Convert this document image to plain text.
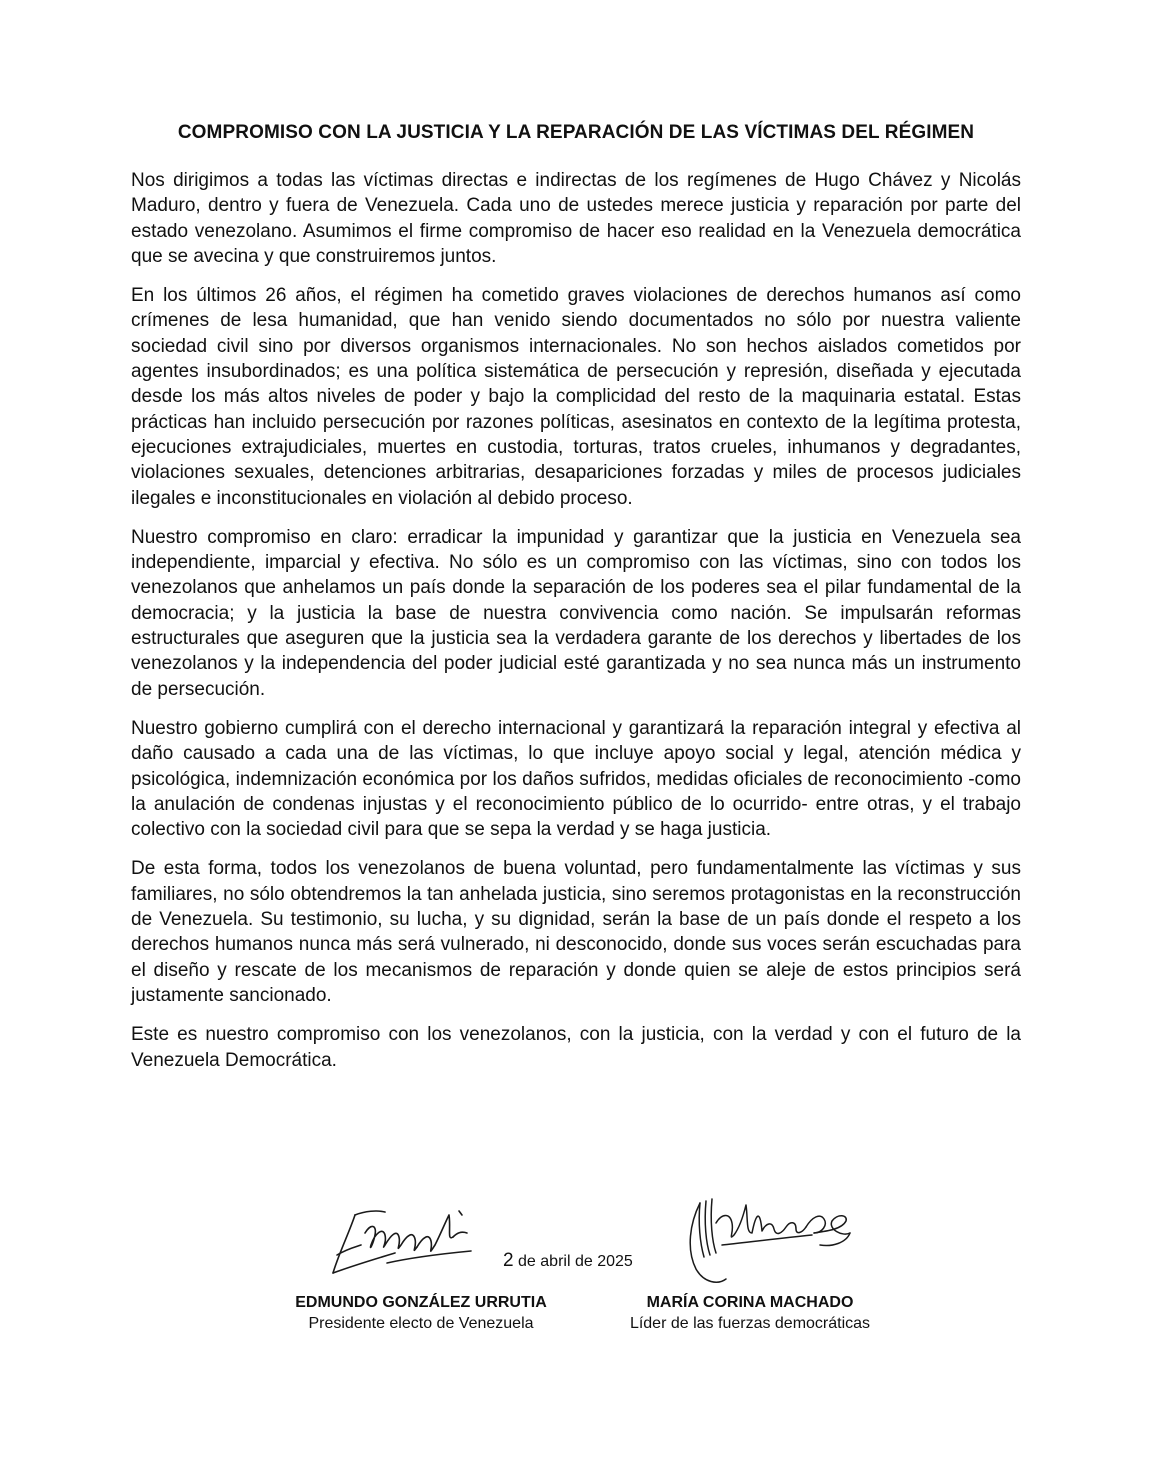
COMPROMISO CON LA JUSTICIA Y LA REPARACIÓN DE LAS VÍCTIMAS DEL RÉGIMEN

Nos dirigimos a todas las víctimas directas e indirectas de los regímenes de Hugo Chávez y Nicolás Maduro, dentro y fuera de Venezuela. Cada uno de ustedes merece justicia y reparación por parte del estado venezolano. Asumimos el firme compromiso de hacer eso realidad en la Venezuela democrática que se avecina y que construiremos juntos.

En los últimos 26 años, el régimen ha cometido graves violaciones de derechos humanos así como crímenes de lesa humanidad, que han venido siendo documentados no sólo por nuestra valiente sociedad civil sino por diversos organismos internacionales. No son hechos aislados cometidos por agentes insubordinados; es una política sistemática de persecución y represión, diseñada y ejecutada desde los más altos niveles de poder y bajo la complicidad del resto de la maquinaria estatal. Estas prácticas han incluido persecución por razones políticas, asesinatos en contexto de la legítima protesta, ejecuciones extrajudiciales, muertes en custodia, torturas, tratos crueles, inhumanos y degradantes, violaciones sexuales, detenciones arbitrarias, desapariciones forzadas y miles de procesos judiciales ilegales e inconstitucionales en violación al debido proceso.

Nuestro compromiso en claro: erradicar la impunidad y garantizar que la justicia en Venezuela sea independiente, imparcial y efectiva. No sólo es un compromiso con las víctimas, sino con todos los venezolanos que anhelamos un país donde la separación de los poderes sea el pilar fundamental de la democracia; y la justicia la base de nuestra convivencia como nación. Se impulsarán reformas estructurales que aseguren que la justicia sea la verdadera garante de los derechos y libertades de los venezolanos y la independencia del poder judicial esté garantizada y no sea nunca más un instrumento de persecución.

Nuestro gobierno cumplirá con el derecho internacional y garantizará la reparación integral y efectiva al daño causado a cada una de las víctimas, lo que incluye apoyo social y legal, atención médica y psicológica, indemnización económica por los daños sufridos, medidas oficiales de reconocimiento -como la anulación de condenas injustas y el reconocimiento público de lo ocurrido- entre otras, y el trabajo colectivo con la sociedad civil para que se sepa la verdad y se haga justicia.

De esta forma, todos los venezolanos de buena voluntad, pero fundamentalmente las víctimas y sus familiares, no sólo obtendremos la tan anhelada justicia, sino seremos protagonistas en la reconstrucción de Venezuela. Su testimonio, su lucha, y su dignidad, serán la base de un país donde el respeto a los derechos humanos nunca más será vulnerado, ni desconocido, donde sus voces serán escuchadas para el diseño y rescate de los mecanismos de reparación y donde quien se aleje de estos principios será justamente sancionado.

Este es nuestro compromiso con los venezolanos, con la justicia, con la verdad y con el futuro de la Venezuela Democrática.

2 de abril de 2025
EDMUNDO GONZÁLEZ URRUTIA
Presidente electo de Venezuela
MARÍA CORINA MACHADO
Líder de las fuerzas democráticas
